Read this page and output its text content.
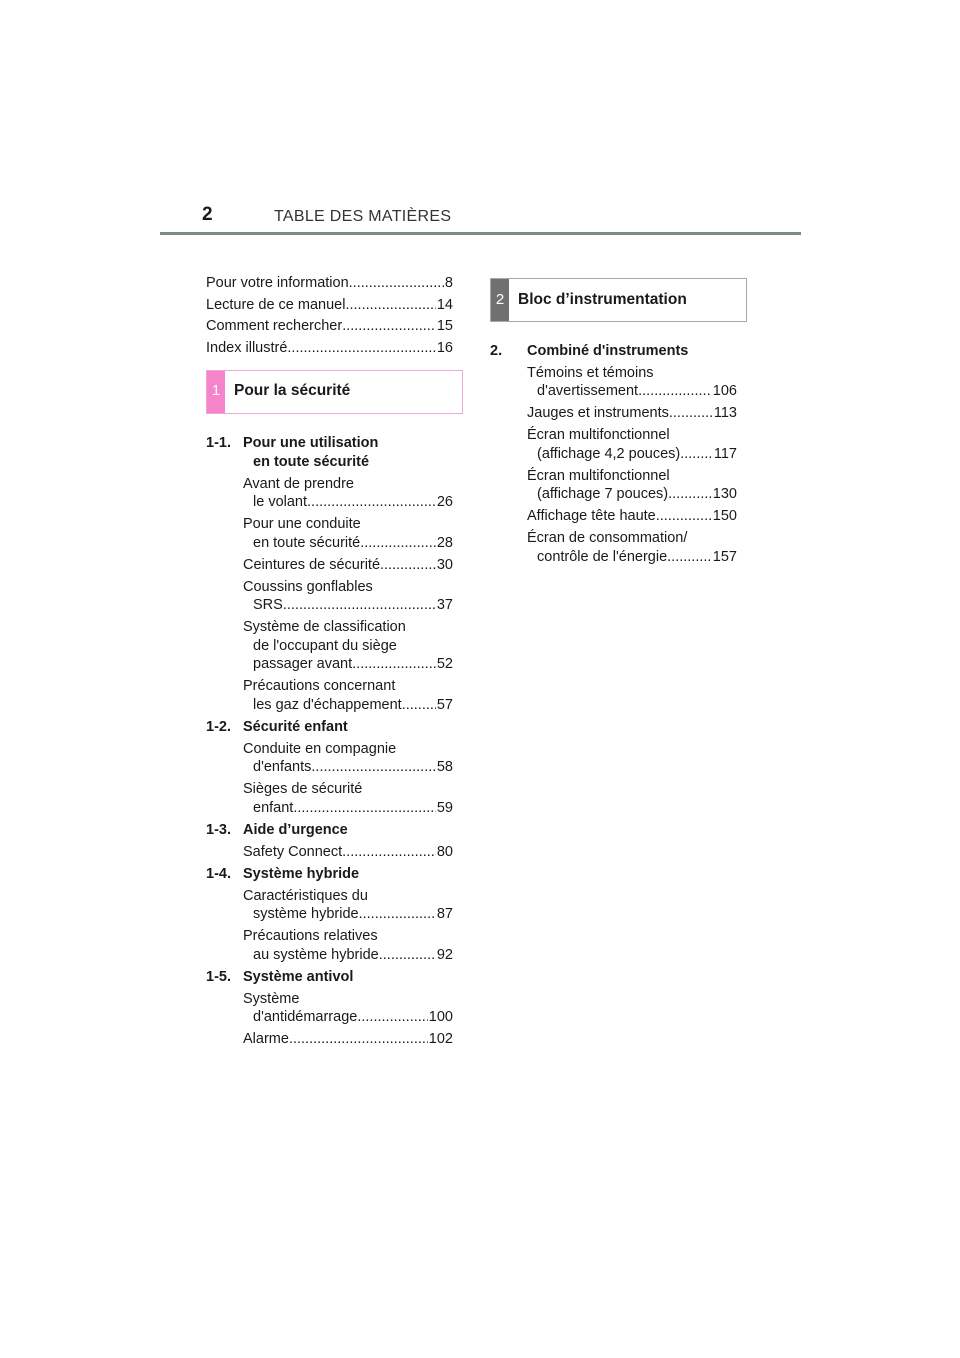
2	TABLE DES MATIÈRES
Pour votre information .....	8
Lecture de ce manuel .....	14
Comment rechercher .....	15
Index illustré .....	16
1 Pour la sécurité
1-1. Pour une utilisation
en toute sécurité
Avant de prendre
le volant .....	26
Pour une conduite
en toute sécurité .....	28
Ceintures de sécurité .....	30
Coussins gonflables
SRS .....	37
Système de classification
de l'occupant du siège
passager avant .....	52
Précautions concernant
les gaz d'échappement ..... 57
1-2. Sécurité enfant
Conduite en compagnie
d'enfants .....	58
Sièges de sécurité
enfant .....	59
1-3. Aide d’urgence
Safety Connect .....	80
1-4. Système hybride
Caractéristiques du
système hybride .....	87
Précautions relatives
au système hybride .....	92
1-5. Système antivol
Système
d'antidémarrage .....	100
Alarme .....	102
2 Bloc d’instrumentation
2.	Combiné d'instruments
Témoins et témoins
d'avertissement .....	106
Jauges et instruments .....	113
Écran multifonctionnel
(affichage 4,2 pouces) ..... 117
Écran multifonctionnel
(affichage 7 pouces) .....	130
Affichage tête haute .....	150
Écran de consommation/
contrôle de l'énergie .....	157
